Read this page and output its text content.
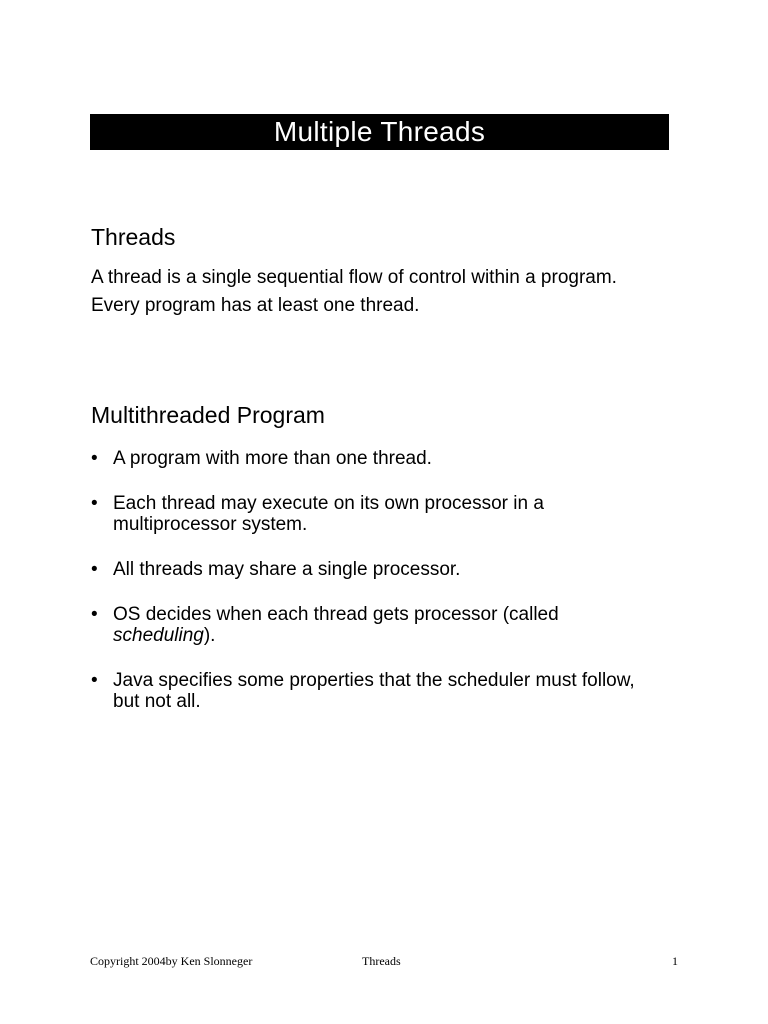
Multiple Threads
Threads

A thread is a single sequential flow of control within a program.
Every program has at least one thread.

Multithreaded Program
• A program with more than one thread.
• Each thread may execute on its own processor in a multiprocessor system.
• All threads may share a single processor.
• OS decides when each thread gets processor (called scheduling).
• Java specifies some properties that the scheduler must follow, but not all.
Copyright 2004by Ken Slonneger	Threads	1
